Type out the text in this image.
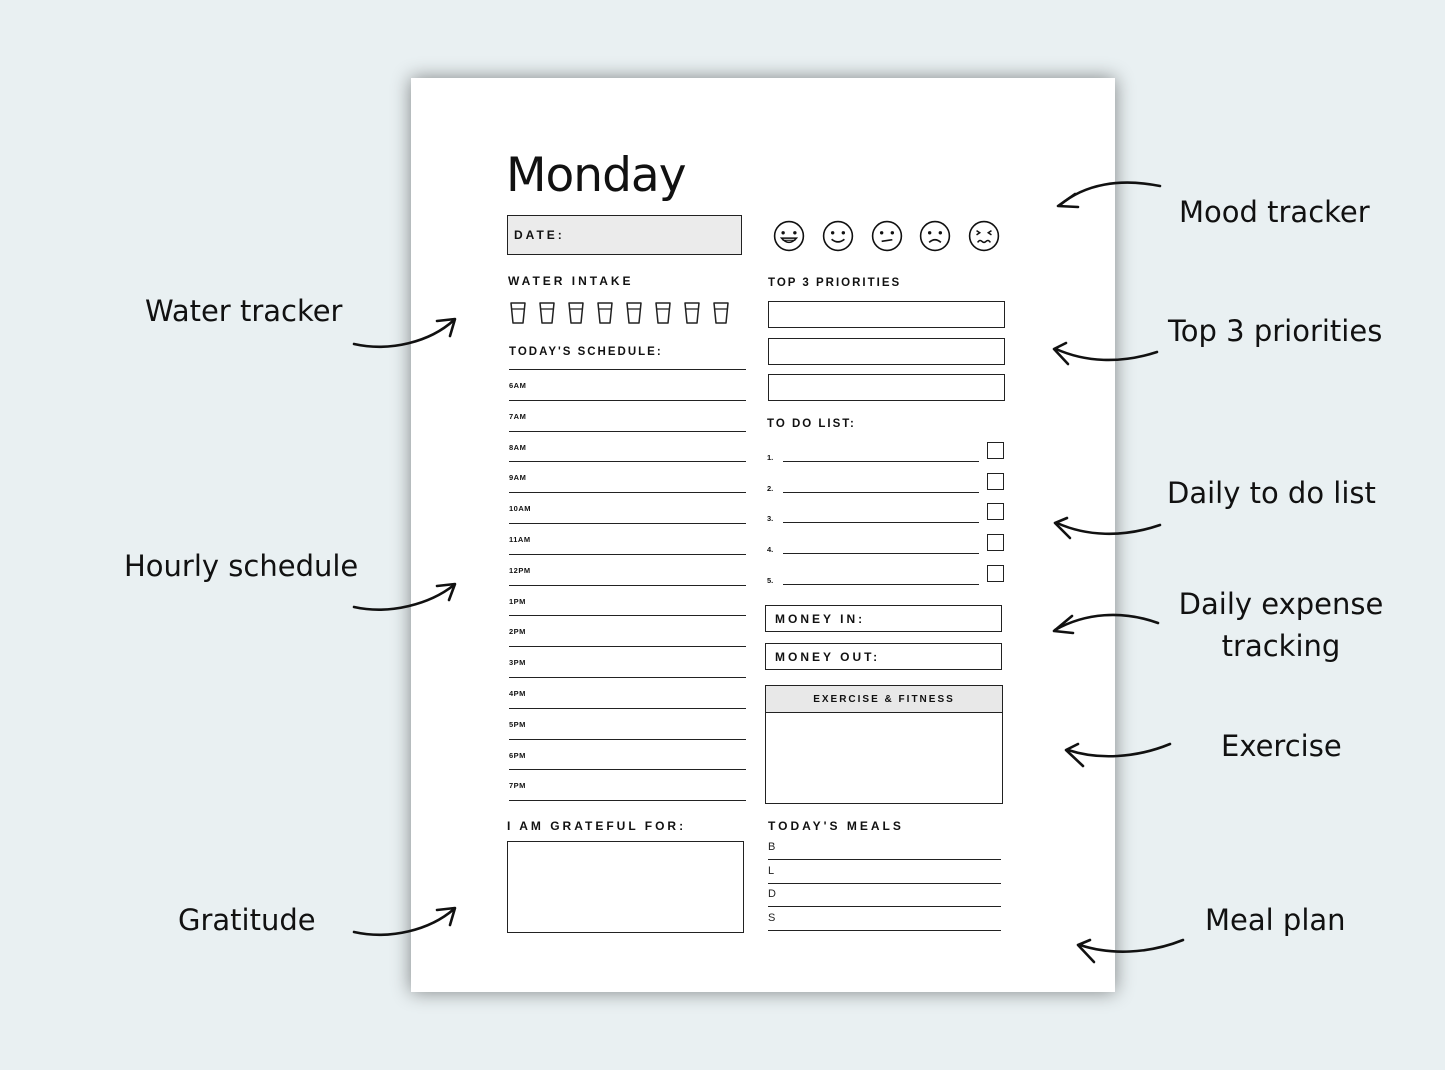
Monday
DATE:
WATER INTAKE
TODAY'S SCHEDULE:
6AM
7AM
8AM
9AM
10AM
11AM
12PM
1PM
2PM
3PM
4PM
5PM
6PM
7PM
TOP 3 PRIORITIES
TO DO LIST:
1.
2.
3.
4.
5.
MONEY IN:
MONEY OUT:
EXERCISE & FITNESS
I AM GRATEFUL FOR:	TODAY'S MEALS
B
L
D
S
Water tracker
Hourly schedule
Gratitude
Mood tracker
Top 3 priorities
Daily to do list
Daily expense
tracking
Exercise
Meal plan
